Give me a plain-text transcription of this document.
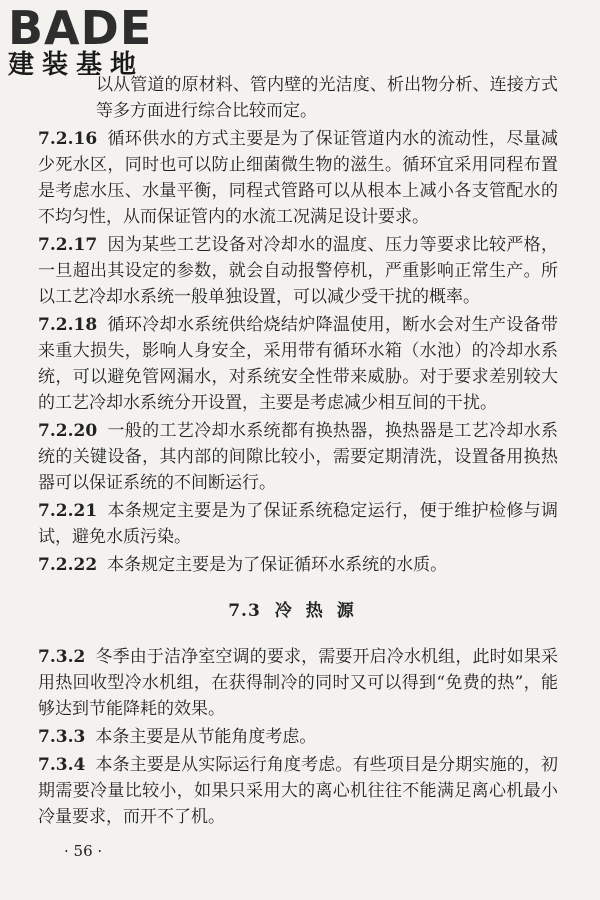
BADE
建装基地

以从管道的原材料、管内壁的光洁度、析出物分析、连接方式等多方面进行综合比较而定。

7.2.16 循环供水的方式主要是为了保证管道内水的流动性，尽量减少死水区，同时也可以防止细菌微生物的滋生。循环宜采用同程布置是考虑水压、水量平衡，同程式管路可以从根本上减小各支管配水的不均匀性，从而保证管内的水流工况满足设计要求。

7.2.17 因为某些工艺设备对冷却水的温度、压力等要求比较严格，一旦超出其设定的参数，就会自动报警停机，严重影响正常生产。所以工艺冷却水系统一般单独设置，可以减少受干扰的概率。

7.2.18 循环冷却水系统供给烧结炉降温使用，断水会对生产设备带来重大损失，影响人身安全，采用带有循环水箱（水池）的冷却水系统，可以避免管网漏水，对系统安全性带来威胁。对于要求差别较大的工艺冷却水系统分开设置，主要是考虑减少相互间的干扰。

7.2.20 一般的工艺冷却水系统都有换热器，换热器是工艺冷却水系统的关键设备，其内部的间隙比较小，需要定期清洗，设置备用换热器可以保证系统的不间断运行。

7.2.21 本条规定主要是为了保证系统稳定运行，便于维护检修与调试，避免水质污染。

7.2.22 本条规定主要是为了保证循环水系统的水质。

7.3 冷热源

7.3.2 冬季由于洁净室空调的要求，需要开启冷水机组，此时如果采用热回收型冷水机组，在获得制冷的同时又可以得到“免费的热”，能够达到节能降耗的效果。

7.3.3 本条主要是从节能角度考虑。

7.3.4 本条主要是从实际运行角度考虑。有些项目是分期实施的，初期需要冷量比较小，如果只采用大的离心机往往不能满足离心机最小冷量要求，而开不了机。

· 56 ·
